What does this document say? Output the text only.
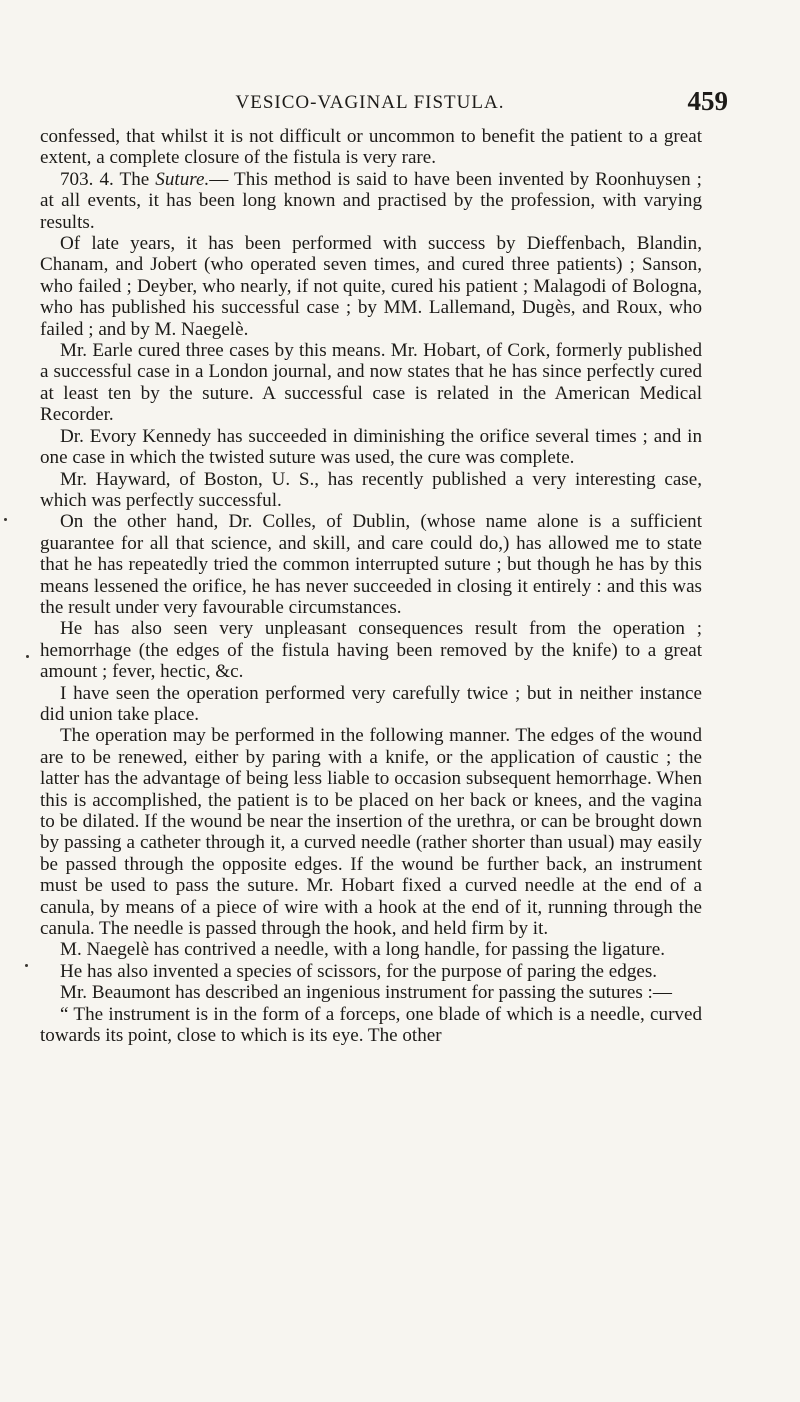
VESICO-VAGINAL FISTULA.	459

confessed, that whilst it is not difficult or uncommon to benefit the patient to a great extent, a complete closure of the fistula is very rare.

703. 4. The Suture.— This method is said to have been invented by Roonhuysen ; at all events, it has been long known and practised by the profession, with varying results.

Of late years, it has been performed with success by Dieffenbach, Blandin, Chanam, and Jobert (who operated seven times, and cured three patients) ; Sanson, who failed ; Deyber, who nearly, if not quite, cured his patient ; Malagodi of Bologna, who has published his successful case ; by MM. Lallemand, Dugès, and Roux, who failed ; and by M. Naegelè.

Mr. Earle cured three cases by this means. Mr. Hobart, of Cork, formerly published a successful case in a London journal, and now states that he has since perfectly cured at least ten by the suture. A successful case is related in the American Medical Recorder.

Dr. Evory Kennedy has succeeded in diminishing the orifice several times ; and in one case in which the twisted suture was used, the cure was complete.

Mr. Hayward, of Boston, U. S., has recently published a very interesting case, which was perfectly successful.

On the other hand, Dr. Colles, of Dublin, (whose name alone is a sufficient guarantee for all that science, and skill, and care could do,) has allowed me to state that he has repeatedly tried the common interrupted suture ; but though he has by this means lessened the orifice, he has never succeeded in closing it entirely : and this was the result under very favourable circumstances.

He has also seen very unpleasant consequences result from the operation ; hemorrhage (the edges of the fistula having been removed by the knife) to a great amount ; fever, hectic, &c.

I have seen the operation performed very carefully twice ; but in neither instance did union take place.

The operation may be performed in the following manner. The edges of the wound are to be renewed, either by paring with a knife, or the application of caustic ; the latter has the advantage of being less liable to occasion subsequent hemorrhage. When this is accomplished, the patient is to be placed on her back or knees, and the vagina to be dilated. If the wound be near the insertion of the urethra, or can be brought down by passing a catheter through it, a curved needle (rather shorter than usual) may easily be passed through the opposite edges. If the wound be further back, an instrument must be used to pass the suture. Mr. Hobart fixed a curved needle at the end of a canula, by means of a piece of wire with a hook at the end of it, running through the canula. The needle is passed through the hook, and held firm by it.

M. Naegelè has contrived a needle, with a long handle, for passing the ligature.

He has also invented a species of scissors, for the purpose of paring the edges.

Mr. Beaumont has described an ingenious instrument for passing the sutures :—

“ The instrument is in the form of a forceps, one blade of which is a needle, curved towards its point, close to which is its eye. The other
